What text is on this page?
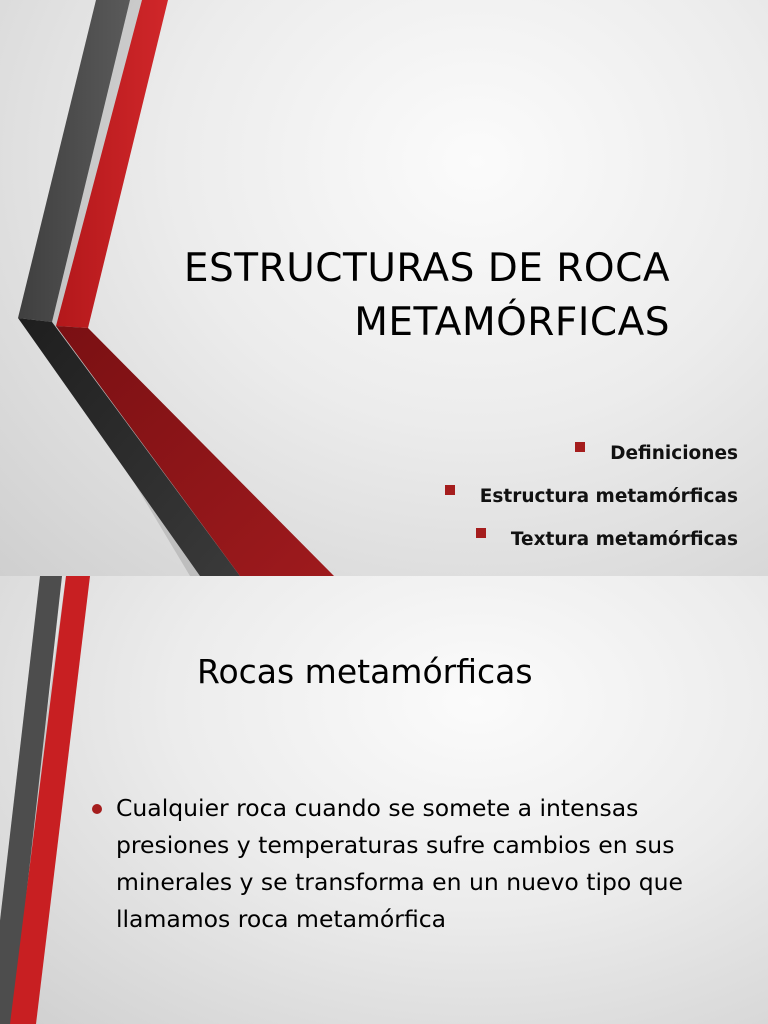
ESTRUCTURAS DE ROCA
METAMÓRFICAS
Definiciones
Estructura metamórficas
Textura metamórficas
Rocas metamórficas
Cualquier roca cuando se somete a intensas presiones y temperaturas sufre cambios en sus minerales y se transforma en un nuevo tipo que llamamos roca metamórfica
